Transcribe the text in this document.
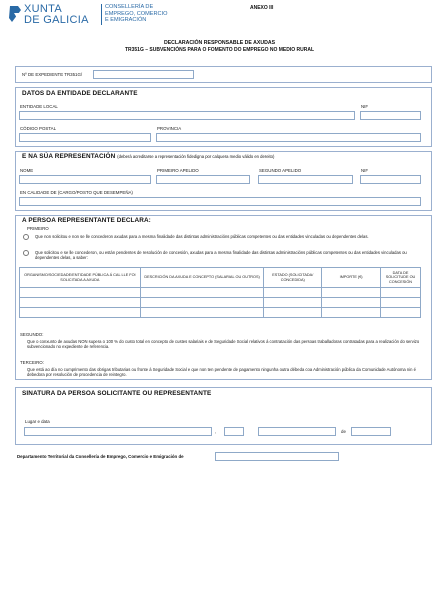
XUNTA
DE GALICIA
CONSELLERÍA DE
EMPREGO, COMERCIO
E EMIGRACIÓN
ANEXO III
DECLARACIÓN RESPONSABLE DE AXUDAS
TR351G – SUBVENCIÓNS PARA O FOMENTO DO EMPREGO NO MEDIO RURAL
Nº DE EXPEDIENTE TR351G/
DATOS DA ENTIDADE DECLARANTE
ENTIDADE LOCAL	NIF
CÓDIGO POSTAL	PROVINCIA
E NA SÚA REPRESENTACIÓN (deberá acreditarse a representación fidedigna por calquera medio válido en dereito)
NOME	PRIMEIRO APELIDO	SEGUNDO APELIDO	NIF
EN CALIDADE DE (CARGO/POSTO QUE DESEMPEÑA)
A PERSOA REPRESENTANTE DECLARA:
PRIMEIRO
Que non solicitou e non se lle concederon axudas para a mesma finalidade das distintas administracións públicas competentes ou das entidades vinculadas ou dependentes delas.
Que solicitou e se lle concederon, ou están pendentes de resolución de concesión, axudas para a mesma finalidade das distintas administracións públicas competentes ou das entidades vinculadas ou dependentes delas, a saber:
ORGANISMO/SOCIEDADE/ENTIDADE PÚBLICA Á CAL LLE FOI SOLICITADA A AXUDA	DESCRICIÓN DA AXUDA E CONCEPTO (SALARIAL OU OUTROS)	ESTADO (SOLICITADA/ CONCEDIDA)	IMPORTE (€)	DATA DE SOLICITUDE OU CONCESIÓN

SEGUNDO:
Que o conxunto de axudas NON supera o 100 % do custo total en concepto de custes salariais e de Seguridade Social relativos á contratación das persoas traballadoras contratadas para a realización do servizo subvencionado no expediente de referencia.
TERCEIRO:
Que está ao día no cumprimento das obrigas tributarias ou fronte á Seguridade Social e que non ten pendente de pagamento ningunha outra débeda coa Administración pública da Comunidade Autónoma nin é debedora por resolución de procedencia de reintegro.
SINATURA DA PERSOA SOLICITANTE OU REPRESENTANTE
Lugar e data
,	de
Departamento Territorial da Consellería de Emprego, Comercio e Emigración de
